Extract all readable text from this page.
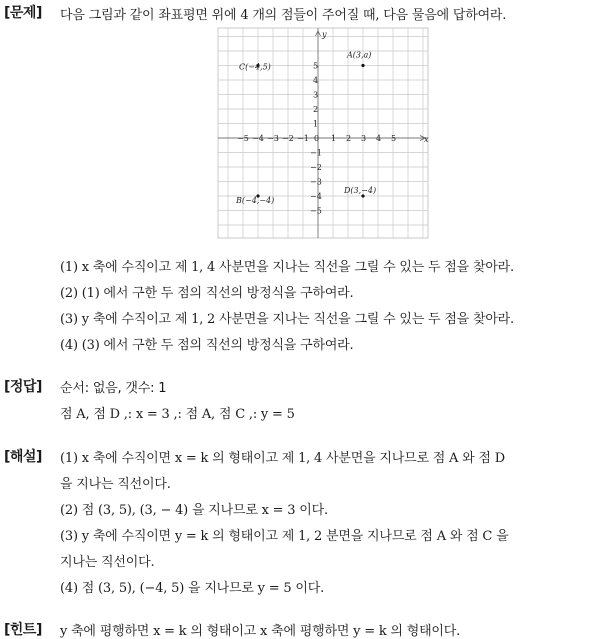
[문제] 다음 그림과 같이 좌표평면 위에 4 개의 점들이 주어질 때, 다음 물음에 답하여라.
x
y
−5 −4 −3 −2 −1 0 1 2 3 4 5
5
4
3
2
1
−1
−2
−3
−4
−5
A(3,a)
C(−4,5)
B(−4,−4)
D(3,−4)
(1) x 축에 수직이고 제 1, 4 사분면을 지나는 직선을 그릴 수 있는 두 점을 찾아라.
(2) (1) 에서 구한 두 점의 직선의 방정식을 구하여라.
(3) y 축에 수직이고 제 1, 2 사분면을 지나는 직선을 그릴 수 있는 두 점을 찾아라.
(4) (3) 에서 구한 두 점의 직선의 방정식을 구하여라.
[정답] 순서: 없음, 갯수: 1
점 A, 점 D ,: x = 3 ,: 점 A, 점 C ,: y = 5
[해설] (1) x 축에 수직이면 x = k 의 형태이고 제 1, 4 사분면을 지나므로 점 A 와 점 D
을 지나는 직선이다.
(2) 점 (3, 5), (3, − 4) 을 지나므로 x = 3 이다.
(3) y 축에 수직이면 y = k 의 형태이고 제 1, 2 분면을 지나므로 점 A 와 점 C 을
지나는 직선이다.
(4) 점 (3, 5), (−4, 5) 을 지나므로 y = 5 이다.
[힌트] y 축에 평행하면 x = k 의 형태이고 x 축에 평행하면 y = k 의 형태이다.
